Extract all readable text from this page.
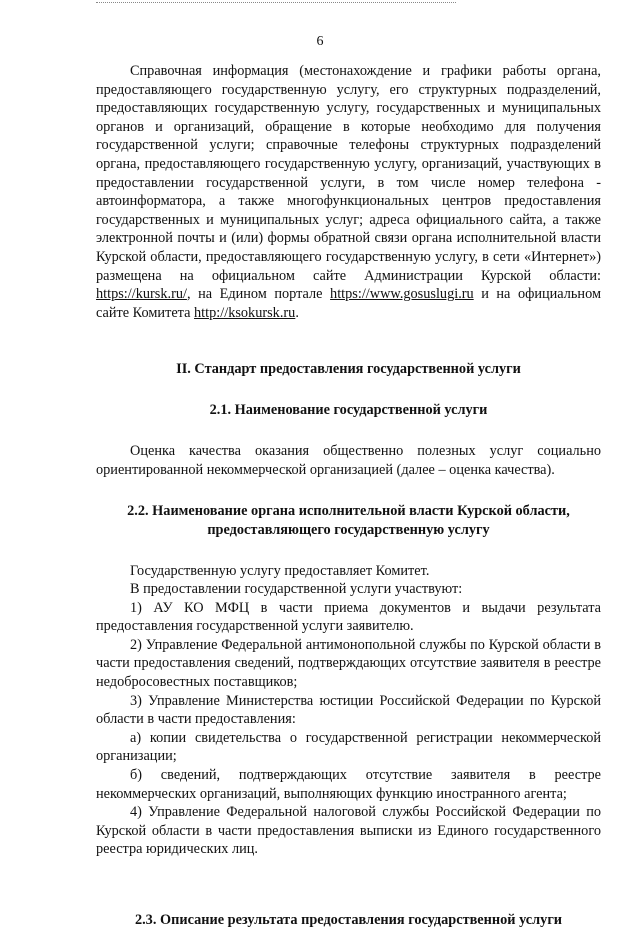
6

Справочная информация (местонахождение и графики работы органа, предоставляющего государственную услугу, его структурных подразделений, предоставляющих государственную услугу, государственных и муниципальных органов и организаций, обращение в которые необходимо для получения государственной услуги; справочные телефоны структурных подразделений органа, предоставляющего государственную услугу, организаций, участвующих в предоставлении государственной услуги, в том числе номер телефона - автоинформатора, а также многофункциональных центров предоставления государственных и муниципальных услуг; адреса официального сайта, а также электронной почты и (или) формы обратной связи органа исполнительной власти Курской области, предоставляющего государственную услугу, в сети «Интернет») размещена на официальном сайте Администрации Курской области: https://kursk.ru/, на Едином портале https://www.gosuslugi.ru и на официальном сайте Комитета http://ksokursk.ru.

II. Стандарт предоставления государственной услуги
2.1. Наименование государственной услуги

Оценка качества оказания общественно полезных услуг социально ориентированной некоммерческой организацией (далее – оценка качества).

2.2. Наименование органа исполнительной власти Курской области,
предоставляющего государственную услугу

Государственную услугу предоставляет Комитет.

В предоставлении государственной услуги участвуют:

1) АУ КО МФЦ в части приема документов и выдачи результата предоставления государственной услуги заявителю.

2) Управление Федеральной антимонопольной службы по Курской области в части предоставления сведений, подтверждающих отсутствие заявителя в реестре недобросовестных поставщиков;

3) Управление Министерства юстиции Российской Федерации по Курской области в части предоставления:

а) копии свидетельства о государственной регистрации некоммерческой организации;

б) сведений, подтверждающих отсутствие заявителя в реестре некоммерческих организаций, выполняющих функцию иностранного агента;

4) Управление Федеральной налоговой службы Российской Федерации по Курской области в части предоставления выписки из Единого государственного реестра юридических лиц.

2.3. Описание результата предоставления государственной услуги
